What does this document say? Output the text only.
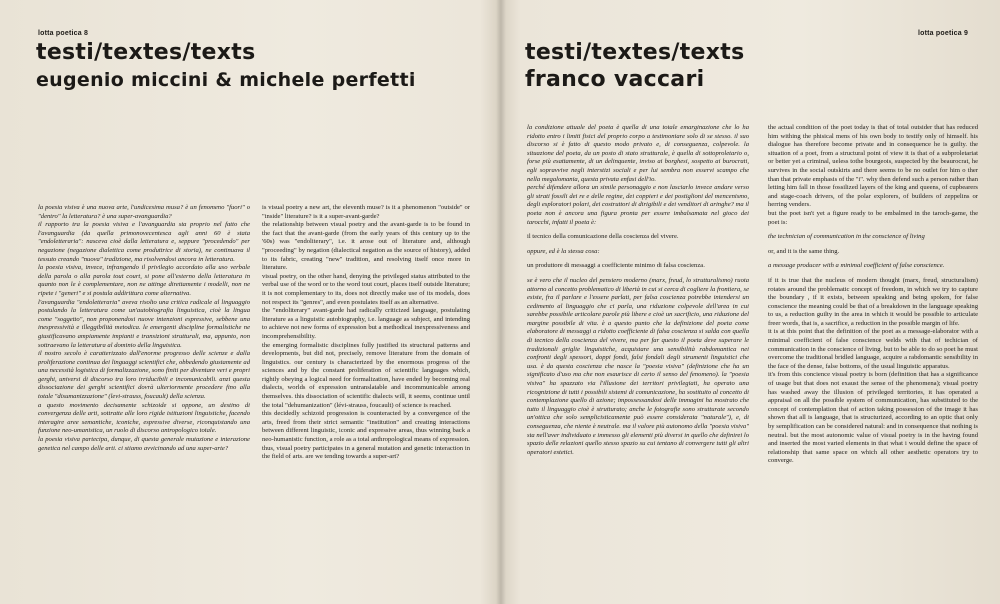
lotta poetica 8
testi/textes/texts
eugenio miccini & michele perfetti
la poesia visiva è una nuova arte, l'undicesima musa? è un fenomeno "fuori" o "dentro" la letteratura? è una super-avanguardia?
il rapporto tra la poesia visiva e l'avanguardia sta proprio nel fatto che l'avanguardia (da quella primonovecentesca agli anni 60 è stata "endoletteraria": nasceva cioè dalla letteratura e, seppure "procedendo" per negazione (negazione dialettica come produttrice di storia), ne continuava il tessuto creando "nuova" tradizione, ma risolvendosi ancora in letteratura.
la poesia visiva, invece, infrangendo il privilegio accordato alla uso verbale della parola o alla parola tout court, si pone all'esterno della letteratura in quanto non le è complementare, non ne attinge direttamente i modelli, non ne ripete i "generi" e si postula addirittura come alternativa.
l'avanguardia "endoletteraria" aveva risolto una critica radicale al linguaggio postulando la letteratura come un'autobiografia linguistica, cioè la lingua come "soggetto", non proponendosi nuove intenzioni espressive, sebbene una inespressività e illeggibilità metodica. le emergenti discipline formalistiche ne giustificavano ampiamente impianti e transizioni strutturali, ma, appunto, non sottraevano la letteratura al dominio della linguistica.
il nostro secolo è caratterizzato dall'enorme progresso delle scienze e dalla proliferazione continua dei linguaggi scientifici che, obbedendo giustamente ad una necessità logistica di formalizzazione, sono finiti per diventare veri e propri gerghi, universi di discorso tra loro irriducibili e incomunicabili. anzi questa dissociazione dei gerghi scientifici dovrà ulteriormente procedere fino alla totale "disumanizzazione" (levi-strauss, foucault) della scienza.
a questo movimento decisamente schizoide si oppone, un destino di convergenza delle arti, sottratte alle loro rigide istituzioni linguistiche, facendo interagire aree semantiche, iconiche, espressive diverse, riconquistando una funzione neo-umanistica, un ruolo di discorso antropologico totale.
la poesia visiva partecipa, dunque, di questa generale mutazione e interazione genetica nel campo delle arti. ci stiamo avvicinando ad una super-arte?
is visual poetry a new art, the eleventh muse? is it a phenomenon "outside" or "inside" literature? is it a super-avant-garde?
the relationship between visual poetry and the avant-garde is to be found in the fact that the avant-garde (from the early years of this century up to the '60s) was "endoliterary", i.e. it arose out of literature and, although "proceeding" by negation (dialectical negation as the source of history), added to its fabric, creating "new" tradition, and resolving itself once more in literature.
visual poetry, on the other hand, denying the privileged status attributed to the verbal use of the word or to the word tout court, places itself outside literature; it is not complementary to its, does not directly make use of its models, does not respect its "genres", and even postulates itself as an alternative.
the "endoliterary" avant-garde had radically criticized language, postulating literature as a linguistic autobiography, i.e. language as subject, and intending to achieve not new forms of expression but a methodical inexpressiveness and incomprehensibility.
the emerging formalistic disciplines fully justified its structural patterns and developments, but did not, precisely, remove literature from the domain of linguistics. our century is characterized by the enormous progress of the sciences and by the constant proliferation of scientific languages which, rightly obeying a logical need for formalization, have ended by becoming real dialects, worlds of expression untranslatable and incommunicable among themselves. this dissociation of scientific dialects will, it seems, continue until the total "dehumanization" (lévi-strauss, foucault) of science is reached.
this decidedly schizoid progression is counteracted by a convergence of the arts, freed from their strict semantic "institution" and creating interactions between different linguistic, iconic and expressive areas, thus winning back a neo-humanistic function, a role as a total anthropological means of expression.
thus, visual poetry participates in a general mutation and genetic interaction in the field of arts. are we tending towards a super-art?
lotta poetica 9
testi/textes/texts
franco vaccari

la condizione attuale del poeta è quella di una totale emarginazione che lo ha ridotto entro i limiti fisici del proprio corpo a testimoniare solo di se stesso. il suo discorso si è fatto di questo modo privato e, di conseguenza, colpevole. la situazione del poeta, da un posto di stato strutturale, è quella di sottoproletario o, forse più esattamente, di un delinquente, inviso ai borghesi, sospetto ai burocrati, egli sopravvive negli interstizi sociali e per lui sembra non esservi scampo che nella megalomania, questa privata enfasi dell'io.
perché difendere allora un simile personaggio e non lasciarlo invece andare verso gli strati fossili dei re e delle regine, dei coppieri e dei postiglioni del mencenismo, degli esploratori polari, dei costruttori di dirigibili e dei venditori di aringhe? ma il poeta non è ancora una figura pronta per essere imbalsamata nel gioco dei tarocchi, infatti il poeta è:

il tecnico della comunicazione della coscienza del vivere.

oppure, ed è la stessa cosa:

un produttore di messaggi a coefficiente minimo di falsa coscienza.

se è vero che il nucleo del pensiero moderno (marx, freud, lo strutturalismo) ruota attorno al concetto problematico di libertà in cui si cerca di cogliere la frontiera, se esiste, fra il parlare e l'essere parlati, per falsa coscienza potrebbe intendersi un cedimento al linguaggio che ci parla, una riduzione colpevole dell'area in cui sarebbe possibile articolare parole più libere e cioè un sacrificio, una riduzione del margine possibile di vita. è a questo punto che la definizione del poeta come elaboratore di messaggi a ridotto coefficiente di falsa coscienza si salda con quella di tecnico della coscienza del vivere, ma per far questo il poeta deve superare le tradizionali griglie linguistiche, acquistare una sensibilità rabdomantica nei confronti degli spessori, doppi fondi, falsi fondali degli strumenti linguistici che usa. è da questa coscienza che nasce la "poesia visiva" (definizione che ha un significato d'uso ma che non esaurisce di certo il senso del fenomeno). la "poesia visiva" ha spazzato via l'illusione dei territori privilegiati, ha operato una ricognizione di tutti i possibili sistemi di comunicazione, ha sostituito al concetto di contemplazione quello di azione; impossessandosi delle immagini ha mostrato che tutto il linguaggio cioè è strutturato; anche le fotografie sono strutturate secondo un'ottica che solo semplicisticamente può essere considerata "naturale"), e, di conseguenza, che niente è neutrale. ma il valore più autonomo della "poesia visiva" sta nell'aver individuato e immesso gli elementi più diversi in quello che definirei lo spazio delle relazioni quello stesso spazio su cui tentano di convergere tutti gli altri operatori estetici.

the actual condition of the poet today is that of total outsider that has reduced him withing the phisical mens of his own body to testify only of himself. his dialogue has therefore become private and in consequence he is guilty. the situation of a poet, from a structural point of view it is that of a subproletariat or better yet a criminal, ueless tothe bourgeois, suspected by the beaurocrat, he survives in the social outskirts and there seems to be no outlet for him o ther than that private emphasis of the "i". why then defend such a person rather than letting him fall in those fossilized layers of the king and queens, of cupbearers and stage-coach drivers, of the polar explorers, of builders of zeppelins or herring venders.
but the poet isn't yet a figure ready to be embalmed in the taroch-game, the poet is:

the technician of communication in the conscience of living

or, and it is the same thing.

a message producer with a minimal coefficient of false conscience.

if it is true that the nucleus of modern thought (marx, freud, structuralism) rotates around the problematic concept of freedom, in which we try to capture the boundary , if it exists, between speaking and being spoken, for false conscience the meaning could be that of a breakdown in the language speaking to us, a reduction guilty in the area in which it would be possible to articulate freer words, that is, a sacrifice, a reduction in the possible margin of life.
it is at this point that the definition of the poet as a message-elaborator with a minimal coefficient of false conscience welds with that of techician of communication in the conscience of living. but to be able to do so poet he must overcome the traditional bridled language, acquire a rabdomantic sensibility in the face of the dense, false bottoms, of the usual linguistic apparatus.
it's from this concience visual poetry is born (definition that has a significance of usage but that does not exaust the sense of the phenomena); visual poetry has washed away the illusion of privileged territories, it has operated a appraisal on all the possible system of communication, has substituted to the concept of contemplation that of action taking possession of the image it has shown that all is language, that is structurized, according to an optic that only by semplification can be considered natural: and in consequence that nothing is neutral. but the most autonomic value of visual poetry is in the having found and inserted the most varied elements in that what i would define the space of relationship that same space on which all other aesthetic operators try to converge.
